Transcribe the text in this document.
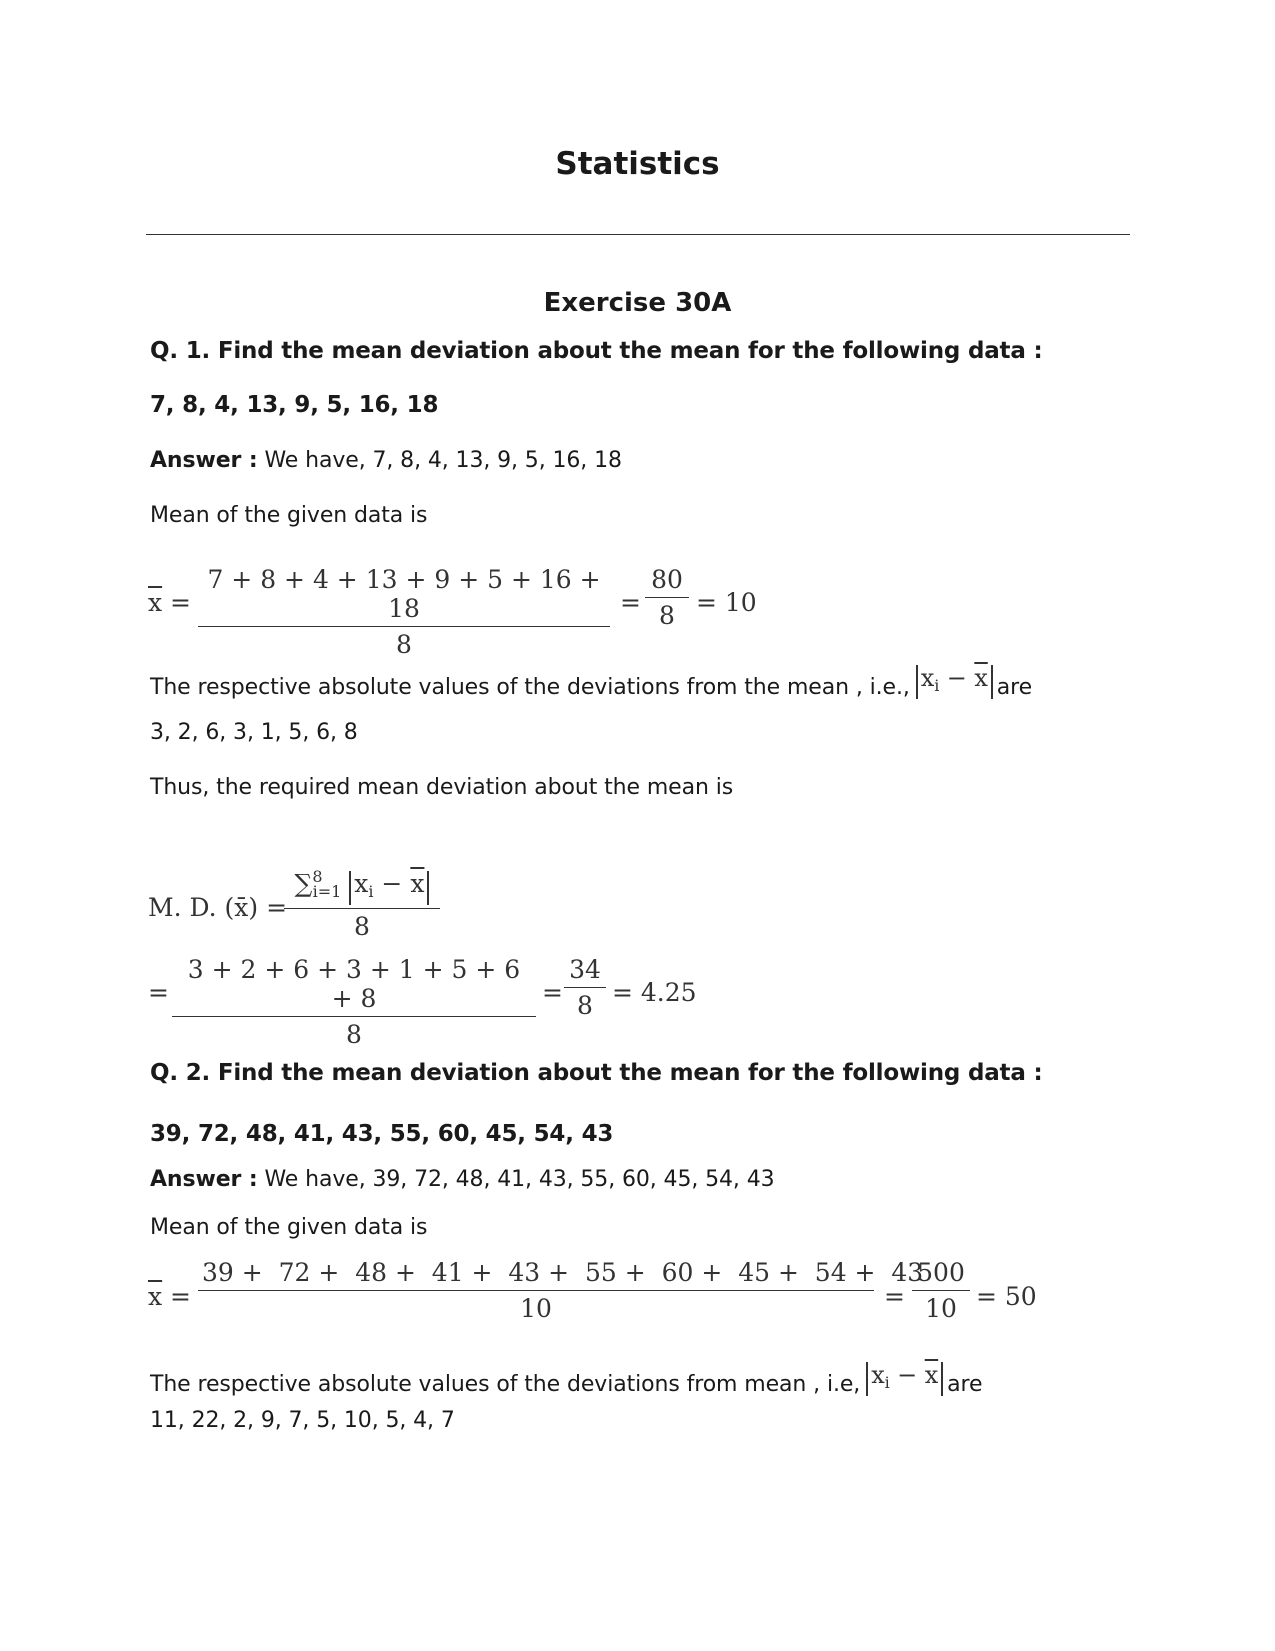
Statistics
Exercise 30A
Q. 1. Find the mean deviation about the mean for the following data :
7, 8, 4, 13, 9, 5, 16, 18
Answer : We have, 7, 8, 4, 13, 9, 5, 16, 18
Mean of the given data is
$\overline{x}$ =
7 + 8 + 4 + 13 + 9 + 5 + 16 + 18
8
=
80
8 = 10
The respective absolute values of the deviations from the mean , i.e., $x_i - \overline{x}$ are
3, 2, 6, 3, 1, 5, 6, 8
Thus, the required mean deviation about the mean is
M. D. (x̄) =
∑$^8_{i=1}$ $x_i - \overline{x}$
8
=
3 + 2 + 6 + 3 + 1 + 5 + 6 + 8
8
=
34
8 = 4.25
Q. 2. Find the mean deviation about the mean for the following data :
39, 72, 48, 41, 43, 55, 60, 45, 54, 43
Answer : We have, 39, 72, 48, 41, 43, 55, 60, 45, 54, 43
Mean of the given data is
$\overline{x}$ =
39 +  72 +  48 +  41 +  43 +  55 +  60 +  45 +  54 +  43
10	=
500
10 = 50
The respective absolute values of the deviations from mean , i.e, $x_i - \overline{x}$ are
11, 22, 2, 9, 7, 5, 10, 5, 4, 7
